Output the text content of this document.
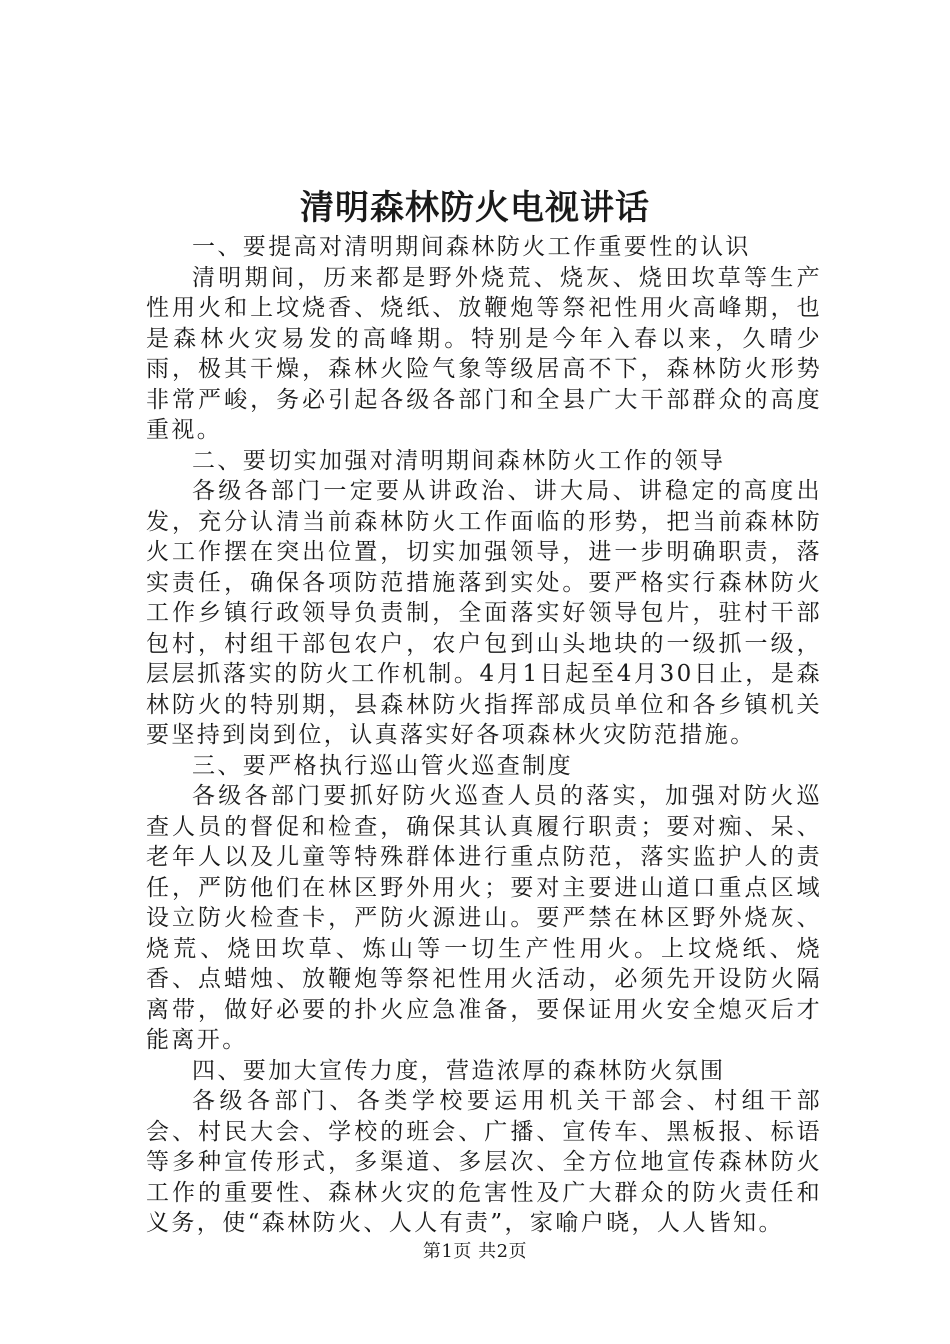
清明森林防火电视讲话

一、要提高对清明期间森林防火工作重要性的认识

清明期间，历来都是野外烧荒、烧灰、烧田坎草等生产性用火和上坟烧香、烧纸、放鞭炮等祭祀性用火高峰期，也是森林火灾易发的高峰期。特别是今年入春以来，久晴少雨，极其干燥，森林火险气象等级居高不下，森林防火形势非常严峻，务必引起各级各部门和全县广大干部群众的高度重视。

二、要切实加强对清明期间森林防火工作的领导

各级各部门一定要从讲政治、讲大局、讲稳定的高度出发，充分认清当前森林防火工作面临的形势，把当前森林防火工作摆在突出位置，切实加强领导，进一步明确职责，落实责任，确保各项防范措施落到实处。要严格实行森林防火工作乡镇行政领导负责制，全面落实好领导包片，驻村干部包村，村组干部包农户，农户包到山头地块的一级抓一级，层层抓落实的防火工作机制。4月1日起至4月30日止，是森林防火的特别期，县森林防火指挥部成员单位和各乡镇机关要坚持到岗到位，认真落实好各项森林火灾防范措施。

三、要严格执行巡山管火巡查制度

各级各部门要抓好防火巡查人员的落实，加强对防火巡查人员的督促和检查，确保其认真履行职责；要对痴、呆、老年人以及儿童等特殊群体进行重点防范，落实监护人的责任，严防他们在林区野外用火；要对主要进山道口重点区域设立防火检查卡，严防火源进山。要严禁在林区野外烧灰、烧荒、烧田坎草、炼山等一切生产性用火。上坟烧纸、烧香、点蜡烛、放鞭炮等祭祀性用火活动，必须先开设防火隔离带，做好必要的扑火应急准备，要保证用火安全熄灭后才能离开。

四、要加大宣传力度，营造浓厚的森林防火氛围

各级各部门、各类学校要运用机关干部会、村组干部会、村民大会、学校的班会、广播、宣传车、黑板报、标语等多种宣传形式，多渠道、多层次、全方位地宣传森林防火工作的重要性、森林火灾的危害性及广大群众的防火责任和义务，使“森林防火、人人有责”，家喻户晓，人人皆知。

第1页 共2页
